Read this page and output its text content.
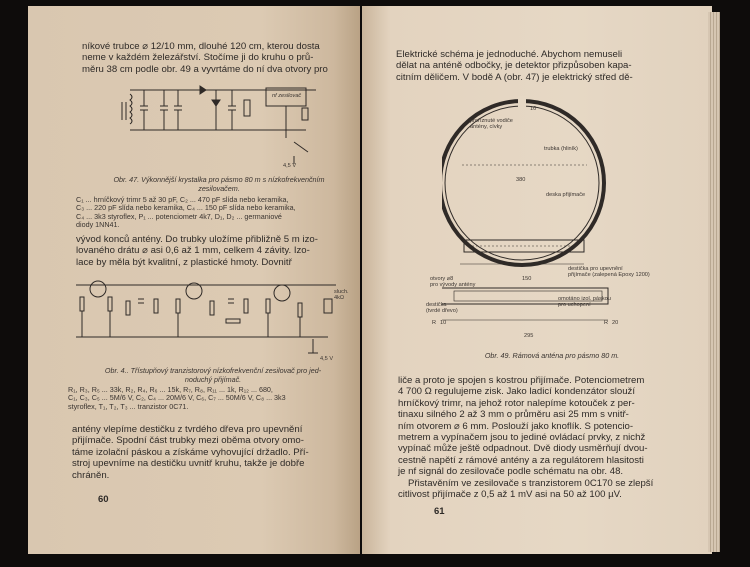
níkové trubce ⌀ 12/10 mm, dlouhé 120 cm, kterou dosta
neme v každém železářství. Stočíme ji do kruhu o prů-
měru 38 cm podle obr. 49 a vyvrtáme do ní dva otvory pro
nf zesilovač
4,5 V
Obr. 47. Výkonnější krystalka pro pásmo 80 m s nízkofrekvenčním
zesilovačem.
C₁ ... hrníčkový trimr 5 až 30 pF, C₂ ... 470 pF slída nebo keramika,
C₃ ... 220 pF slída nebo keramika, C₄ ... 150 pF slída nebo keramika,
C₄ ... 3k3 styroflex, P₁ ... potenciometr 4k7, D₁, D₂ ... germaniové
diody 1NN41.
vývod konců antény. Do trubky uložíme přibližně 5 m izo-
lovaného drátu ⌀ asi 0,6 až 1 mm, celkem 4 závity. Izo-
lace by měla být kvalitní, z plastické hmoty. Dovnitř
sluch.
4kΩ
4,5 V
Obr. 4.. Třístupňový tranzistorový nízkofrekvenční zesilovač pro jed-
noduchý přijímač.
R₁, R₃, R₅ ... 33k, R₂, R₄, R₆ ... 15k, R₇, R₈, R₁₁ ... 1k, R₁₂ ... 680,
C₁, C₃, C₅ ... 5M/6 V, C₂, C₄ ... 20M/6 V, C₆, C₇ ... 50M/6 V, C₈ ... 3k3
styroflex, T₁, T₂, T₃ ... tranzistor 0C71.
antény vlepíme destičku z tvrdého dřeva pro upevnění
přijímače. Spodní část trubky mezi oběma otvory omo-
táme izolační páskou a získáme vyhovující držadlo. Pří-
stroj upevníme na destičku uvnitř kruhu, takže je dobře
chráněn.
60
Elektrické schéma je jednoduché. Abychom nemuseli
dělat na anténě odbočky, je detektor přizpůsoben kapa-
citním děličem. V bodě A (obr. 47) je elektrický střed dě-
proříznuté vodiče
antény, cívky
trubka (hliník)
380
deska přijímače
10
otvory ⌀8
pro vývody antény
150
destička pro upevnění
přijímače (zalepená Epoxy 1200)
destička
(tvrdé dřevo)
omotáno izol. páskou
pro uchopení
R 10	R 20
295
Obr. 49. Rámová anténa pro pásmo 80 m.
liče a proto je spojen s kostrou přijímače. Potenciometrem
4 700 Ω regulujeme zisk. Jako ladicí kondenzátor slouží
hrníčkový trimr, na jehož rotor nalepíme kotouček z per-
tinaxu silného 2 až 3 mm o průměru asi 25 mm s vnitř-
ním otvorem ⌀ 6 mm. Poslouží jako knoflík. S potencio-
metrem a vypínačem jsou to jediné ovládací prvky, z nichž
vypínač může ještě odpadnout. Dvě diody usměrňují dvou-
cestně napětí z rámové antény a za regulátorem hlasitosti
je nf signál do zesilovače podle schématu na obr. 48.
Přistavěním ve zesilovače s tranzistorem 0C170 se zlepší
citlivost přijímače z 0,5 až 1 mV asi na 50 až 100 µV.
61
